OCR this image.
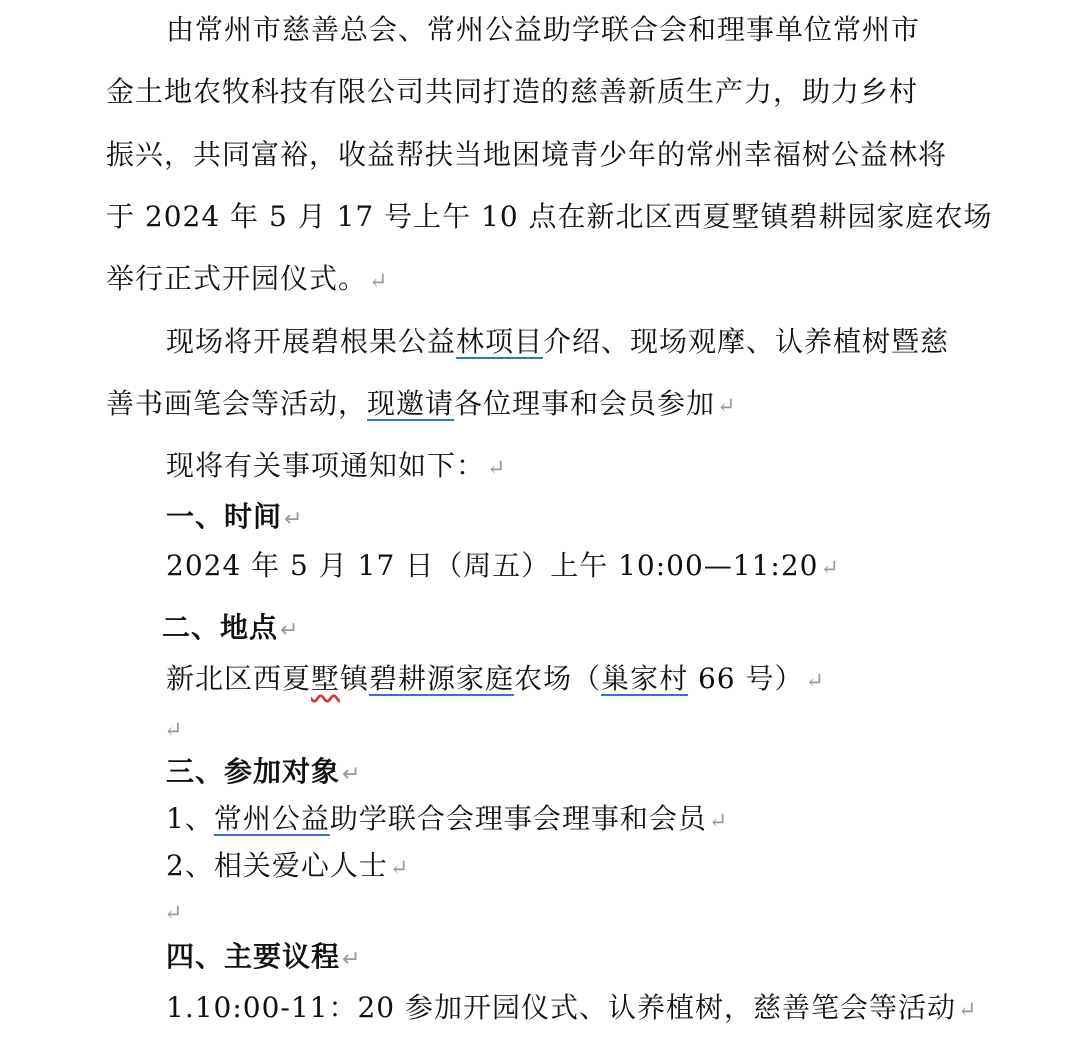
由常州市慈善总会、常州公益助学联合会和理事单位常州市
金土地农牧科技有限公司共同打造的慈善新质生产力，助力乡村
振兴，共同富裕，收益帮扶当地困境青少年的常州幸福树公益林将
于 2024 年 5 月 17 号上午 10 点在新北区西夏墅镇碧耕园家庭农场
举行正式开园仪式。↵
现场将开展碧根果公益林项目介绍、现场观摩、认养植树暨慈
善书画笔会等活动，现邀请各位理事和会员参加↵
现将有关事项通知如下：↵
一、时间↵
2024 年 5 月 17 日（周五）上午 10:00—11:20↵
二、地点↵
新北区西夏墅镇碧耕源家庭农场（巢家村 66 号）↵
↵
三、参加对象↵
1、常州公益助学联合会理事会理事和会员↵
2、相关爱心人士↵
↵
四、主要议程↵
1.10:00-11：20 参加开园仪式、认养植树，慈善笔会等活动↵
